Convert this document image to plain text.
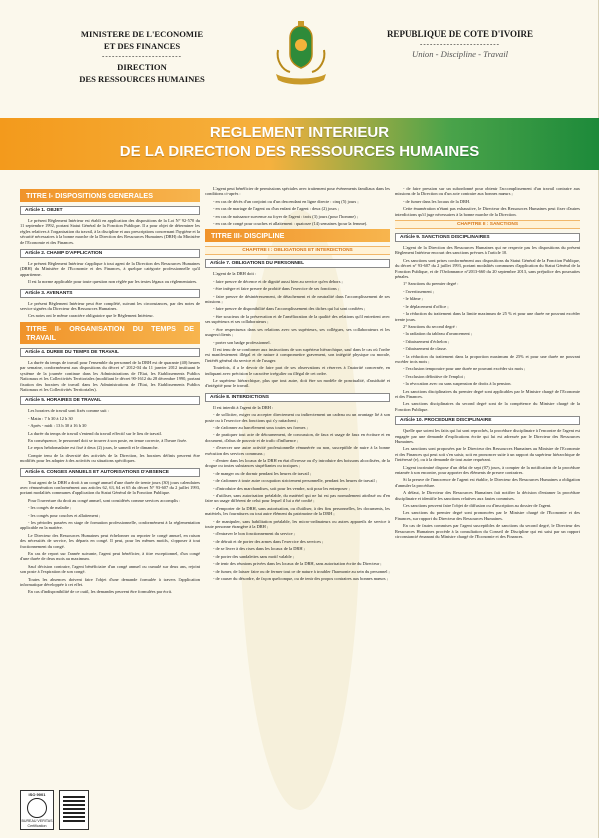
MINISTERE DE L'ECONOMIE
ET DES FINANCES
------------------------
DIRECTION
DES RESSOURCES HUMAINES
REPUBLIQUE DE COTE D'IVOIRE
------------------------
Union - Discipline - Travail
REGLEMENT INTERIEUR
DE LA DIRECTION DES RESSOURCES HUMAINES
TITRE I- DISPOSITIONS GENERALES
Article 1. OBJET

Le présent Règlement Intérieur est établi en application des dispositions de la Loi N° 92-570 du 11 septembre 1992, portant Statut Général de la Fonction Publique. Il a pour objet de déterminer les règles relatives à l'organisation du travail, à la discipline et aux prescriptions concernant l'hygiène et la sécurité nécessaires à la bonne marche de la Direction des Ressources Humaines (DRH) du Ministère de l'Economie et des Finances.

Article 2. CHAMP D'APPLICATION

Le présent Règlement Intérieur s'applique à tout agent de la Direction des Ressources Humaines (DRH) du Ministère de l'Economie et des Finances, à quelque catégorie professionnelle qu'il appartienne.

Il est la norme applicable pour toute question non réglée par les textes légaux ou réglementaires.

Article 3. AVENANTS

Le présent Règlement Intérieur peut être complété, suivant les circonstances, par des notes de service signées du Directeur des Ressources Humaines.

Ces notes ont le même caractère obligatoire que le Règlement Intérieur.

TITRE II- ORGANISATION DU TEMPS DE TRAVAIL
Article 4. DUREE DU TEMPS DE TRAVAIL

La durée du temps de travail pour l'ensemble du personnel de la DRH est de quarante (40) heures par semaine, conformément aux dispositions du décret n° 2012-04 du 11 janvier 2012 instituant le système de la journée continue dans les Administrations de l'Etat, les Etablissements Publics Nationaux et les Collectivités Territoriales (modifiant le décret 90-1612 du 28 décembre 1990, portant fixation des horaires de travail dans les Administrations de l'Etat, les Etablissements Publics Nationaux et les Collectivités Territoriales).

Article 5. HORAIRES DE TRAVAIL

Les horaires de travail sont fixés comme suit :

- Matin : 7 h 30 à 12 h 30

- Après - midi : 13 h 30 à 16 h 30

La durée du temps de travail s'entend du travail effectif sur le lieu de travail.

En conséquence, le personnel doit se trouver à son poste, en tenue correcte, à l'heure fixée.

Le repos hebdomadaire est fixé à deux (2) jours, le samedi et le dimanche.

Compte tenu de la diversité des activités de la Direction, les horaires définis peuvent être modifiés pour les adapter à des activités ou situations spécifiques.

Article 6. CONGES ANNUELS ET AUTORISATIONS D'ABSENCE

Tout agent de la DRH a droit à un congé annuel d'une durée de trente jours (30) jours calendaires avec rémunération conformément aux articles 62, 63, 64 et 65 du décret N° 93-607 du 2 juillet 1993, portant modalités communes d'application du Statut Général de la Fonction Publique.

Pour l'ouverture du droit au congé annuel, sont considérés comme services accomplis :

- les congés de maladie ;

- les congés pour couches et allaitement ;

- les périodes passées en stage de formation professionnelle, conformément à la réglementation applicable en la matière.

Le Directeur des Ressources Humaines peut échelonner ou reporter le congé annuel, en raison des nécessités de service, les départs en congé. Il peut, pour les mêmes motifs, s'opposer à tout fractionnement du congé.

En cas de report sur l'année suivante, l'agent peut bénéficier, à titre exceptionnel, d'un congé d'une durée de deux mois au maximum.

Sauf décision contraire, l'agent bénéficiaire d'un congé annuel ou cumulé sur deux ans, rejoint son poste à l'expiration de son congé.

Toutes les absences doivent faire l'objet d'une demande formulée à travers l'application informatique développée à cet effet.

En cas d'indisponibilité de ce outil, les demandes peuvent être formulées par écrit.

L'agent peut bénéficier de permissions spéciales avec traitement pour évènements familiaux dans les conditions ci-après :

- en cas de décès d'un conjoint ou d'un descendant en ligne directe : cinq (5) jours ;

- en cas de mariage de l'agent ou d'un enfant de l'agent : deux (2) jours ;

- en cas de naissance survenue au foyer de l'agent : trois (3) jours (pour l'homme) ;

- en cas de congé pour couches et allaitement : quatorze (14) semaines (pour la femme).

TITRE III- DISCIPLINE
CHAPITRE I : OBLIGATIONS ET INTERDICTIONS
Article 7. OBLIGATIONS DU PERSONNEL

L'agent de la DRH doit :

- faire preuve de décence et de dignité aussi bien au service qu'en dehors ;

- être intègre et faire preuve de probité dans l'exercice de ses fonctions ;

- faire preuve de désintéressement, de détachement et de neutralité dans l'accomplissement de ses missions ;

- faire preuve de disponibilité dans l'accomplissement des tâches qui lui sont confiées ;

- être soucieux de la préservation et de l'amélioration de la qualité des relations qu'il entretient avec ses supérieurs et ses collaborateurs ;

- être respectueux dans ses relations avec ses supérieurs, ses collègues, ses collaborateurs et les usagers/clients ;

- porter son badge professionnel.

Il est tenu de se conformer aux instructions de son supérieur hiérarchique, sauf dans le cas où l'ordre est manifestement illégal et de nature à compromettre gravement, son intégrité physique ou morale, l'intérêt général du service et de l'usager.

Toutefois, il a le devoir de faire part de ses observations et réserves à l'autorité concernée, en indiquant avec précision le caractère irrégulier ou illégal de cet ordre.

Le supérieur hiérarchique, plus que tout autre, doit être un modèle de ponctualité, d'assiduité et d'intégrité pour le travail.

Article 8. INTERDICTIONS

Il est interdit à l'agent de la DRH :

- de solliciter, exiger ou accepter directement ou indirectement un cadeau ou un avantage lié à son poste ou à l'exercice des fonctions qui s'y rattachent ;

- de s'adonner au harcèlement sous toutes ses formes ;

- de pratiquer tout acte de détournement, de concussion, de faux et usage de faux en écriture et en document, d'abus de pouvoir et de trafic d'influence ;

- d'exercer une autre activité professionnelle rémunérée ou non, susceptible de nuire à la bonne exécution des services communs ;

- d'entrer dans les locaux de la DRH en état d'ivresse ou d'y introduire des boissons alcoolisées, de la drogue ou toutes substances stupéfiantes ou toxiques ;

- de manger ou de dormir pendant les heures de travail ;

- de s'adonner à toute autre occupation strictement personnelle, pendant les heures de travail ;

- d'introduire des marchandises, soit pour les vendre, soit pour les entreposer ;

- d'utiliser, sans autorisation préalable, du matériel qui ne lui est pas normalement attribué ou d'en faire un usage différent de celui pour lequel il lui a été confié ;

- d'emporter de la DRH, sans autorisation, ou d'utiliser, à des fins personnelles, les documents, les matériels, les fournitures ou tout autre élément du patrimoine de la DRH ;

- de manipuler, sans habilitation préalable, les micro-ordinateurs ou autres appareils de service à toute personne étrangère à la DRH ;

- d'entraver le bon fonctionnement du service ;

- de détruit et de porter des armes dans l'exercice des services ;

- de se livrer à des rixes dans les locaux de la DRH ;

- de porter des sandalettes sans motif valable ;

- de tenir des réunions privées dans les locaux de la DRH, sans autorisation écrite du Directeur ;

- de fumer, de laisser faire ou de fermer tout ce de nature à troubler l'harmonie au sein du personnel ;

- de causer du désordre, de façon quelconque, ou de tenir des propos contraires aux bonnes mœurs ;

- de faire pression sur un subordonné pour obtenir l'accomplissement d'un travail contraire aux missions de la Direction ou d'un acte contraire aux bonnes mœurs ;

- de fumer dans les locaux de la DRH.

Cette énumération n'étant pas exhaustive, le Directeur des Ressources Humaines peut fixer d'autres interdictions qu'il juge nécessaires à la bonne marche de la Direction.

CHAPITRE II : SANCTIONS
Article 9. SANCTIONS DISCIPLINAIRES

L'agent de la Direction des Ressources Humaines qui ne respecte pas les dispositions du présent Règlement Intérieur encourt des sanctions prévues à l'article 10.

Ces sanctions sont prises conformément aux dispositions du Statut Général de la Fonction Publique, du décret n° 93-607 du 2 juillet 1993, portant modalités communes d'application du Statut Général de la Fonction Publique, et de l'Ordonnance n°2013-660 du 20 septembre 2013, sans préjudice des poursuites pénales.

1° Sanctions du premier degré :

- l'avertissement ;

- le blâme ;

- le déplacement d'office ;

- la réduction du traitement dans la limite maximum de 25 % et pour une durée ne pouvant excéder trente jours.

2° Sanctions du second degré :

- la radiation du tableau d'avancement ;

- l'abaissement d'échelon ;

- l'abaissement de classe.

- la réduction du traitement dans la proportion maximum de 25% et pour une durée ne pouvant excéder trois mois ;

- l'exclusion temporaire pour une durée ne pouvant excéder six mois ;

- l'exclusion définitive de l'emploi ;

- la révocation avec ou sans suspension de droits à la pension.

Les sanctions disciplinaires du premier degré sont applicables par le Ministre chargé de l'Economie et des Finances.

Les sanctions disciplinaires du second degré sont de la compétence du Ministre chargé de la Fonction Publique.

Article 10. PROCEDURE DISCIPLINAIRE

Quelle que soient les faits qui lui sont reprochés, la procédure disciplinaire à l'encontre de l'agent est engagée par une demande d'explications écrite qui lui est adressée par le Directeur des Ressources Humaines.

Les sanctions sont proposées par le Directeur des Ressources Humaines au Ministre de l'Economie et des Finances qui peut soit s'en saisir, soit en prononcer suite à un rapport du supérieur hiérarchique de l'intéressé (e), ou à la demande de tout autre requérant.

L'agent incriminé dispose d'un délai de sept (07) jours, à compter de la notification de la procédure entamée à son encontre, pour apporter des éléments de preuve contraires.

Si la preuve de l'innocence de l'agent est établie, le Directeur des Ressources Humaines a obligation d'annuler la procédure.

A défaut, le Directeur des Ressources Humaines fait notifier la décision d'entamer la procédure disciplinaire et identifie les sanctions relatives aux fautes commises.

Ces sanctions peuvent faire l'objet de diffusion ou d'inscription au dossier de l'agent.

Les sanctions du premier degré sont prononcées par le Ministre chargé de l'Economie et des Finances, sur rapport du Directeur des Ressources Humaines.

En cas de fautes commises par l'agent susceptibles de sanctions du second degré, le Directeur des Ressources Humaines procède à la consultation du Conseil de Discipline qui est saisi par un rapport circonstancié émanant du Ministre chargé de l'Economie et des Finances.

ISO 9001
BUREAU VERITAS
Certification
